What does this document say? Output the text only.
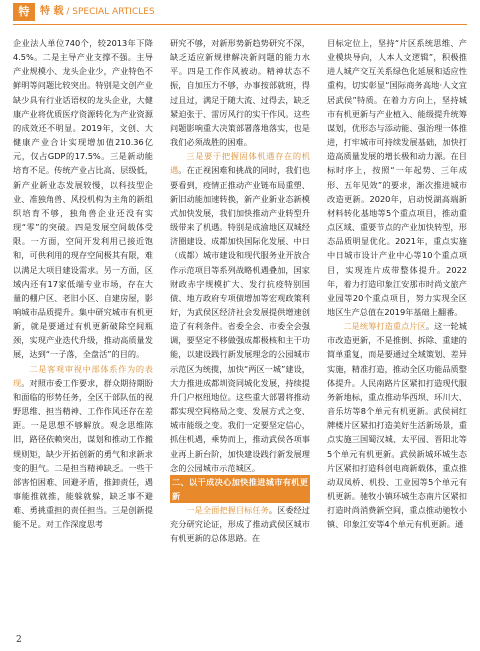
特	特 载 / SPECIAL ARTICLES

企业法人单位740个，较2013年下降4.5%。二是主导产业支撑不强。主导产业规模小、龙头企业少，产业特色不鲜明等问题比较突出。特别是文创产业缺少具有行业话语权的龙头企业，大健康产业将优质医疗资源转化为产业资源的成效还不明显。2019年，文创、大健康产业合计实现增加值210.36亿元，仅占GDP的17.5%。三是新动能培育不足。传统产业占比高、层级低，新产业新业态发展较慢，以科技型企业、准独角兽、风投机构为主角的新组织培育不够，独角兽企业还没有实现“零”的突破。四是发展空间载体受限。一方面，空间开发利用已接近饱和，可供利用的现存空间极其有限，难以满足大项目建设需求。另一方面，区域内还有17家低端专业市场，存在大量的棚户区、老旧小区、自建房屋，影响城市品质提升。集中研究城市有机更新，就是要通过有机更新破除空间瓶颈，实现产业迭代升级，推动高质量发展，达到“一子落，全盘活”的目的。

二是客观审视中部体系作为的表现。对照市委工作要求，群众期待期盼和面临的形势任务，全区干部队伍的视野思维、担当精神、工作作风还存在差距。一是思想不够解放。观念思维陈旧，路径依赖突出，谋划和推动工作搬规则矩，缺少开拓创新的勇气和求新求变的胆气。二是担当精神缺乏。一些干部害怕困难、回避矛盾，推卸责任，遇事能推就推，能躲就躲，缺乏事不避难、勇挑重担的责任担当。三是创新提能不足。对工作深度思考

研究不够，对新形势新趋势研究不深，缺乏适应新规律解决新问题的能力水平。四是工作作风被动。精神状态不振，自加压力不够，办事按部就班，得过且过，满足于随大流、过得去，缺乏紧迫张于、雷厉风行的实干作风。这些问题影响重大决策部署落地落实，也是我们必须战胜的困难。

三是要于把握固体机遇存在的机遇。在正视困难和挑战的同时，我们也要看到，疫情正推动产业链布局重塑、新旧动能加速转换，新产业新业态新模式加快发展，我们加快推动产业转型升级带来了机遇。特别是成渝地区双城经济圈建设、成都加快国际化发展、中日（成都）城市建设和现代服务业开放合作示范项目等系列战略机遇叠加，国家财政赤字规模扩大、发行抗疫特别国债、地方政府专项债增加等宏观政策利好，为武侯区经济社会发展提供增速创造了有利条件。省委全会、市委全会强调，要坚定不移做强成都极核和主干功能，以建设践行新发展理念的公园城市示范区为统揽，加快“两区一城”建设，大力推进成都圳资同城化发展，持续提升门户枢纽地位。这些重大部署将推动都实现空间格局之变、发展方式之变、城市能级之变。我们一定要坚定信心，抓住机遇，乘势而上，推动武侯各项事业再上新台阶，加快建设践行新发展理念的公园城市示范城区。

二、以干成决心加快推进城市有机更新

一是全面把握目标任务。区委经过充分研究论证，形成了推动武侯区城市有机更新的总体思路。在

目标定位上，坚持“片区系统思维、产业模块导向，人本人文逻辑”，积极推进人城产交互关系绿色化延展和适应性重构，切实彰显“国际商务高地·人文宜居武侯”特质。在着力方向上，坚持城市有机更新与产业植入、能级提升统筹谋划，优形态与添动能、强治理一体推进，打牢城市可持续发展基础，加快打造高质量发展的增长极和动力源。在目标时序上，按照“一年起势、三年成形、五年见效”的要求，渐次推进城市改造更新。2020年，启动悦湖高端新材料转化基地等5个重点项目，推动重点区域、重要节点的产业加快转型，形态品质明显优化。2021年，重点实施中日城市设计产业中心等10个重点项目，实现连片成带整体提升。2022年，着力打造印象江安那市时尚文旅产业园等20个重点项目，努力实现全区地区生产总值在2019年基础上翻番。

二是统筹打造重点片区。这一轮城市改造更新，不是推倒、拆除、重建的简单重复，而是要通过全域策划、差异实施，精准打造，推动全区功能品质整体提升。人民南路片区紧扣打造现代服务新地标，重点推动华西坝、环川大、音乐坊等8个单元有机更新。武侯祠红牌楼片区紧扣打造美好生活新场景，重点实施三国蜀汉城、太平园、晋阳北等5个单元有机更新。武侯新城环城生态片区紧扣打造科创电商新载体，重点推动双凤桥、机投、工业园等5个单元有机更新。驰牧小镇环城生态南片区紧扣打造时尚消费新空间，重点推动驰牧小镇、印象江安等4个单元有机更新。通

2
